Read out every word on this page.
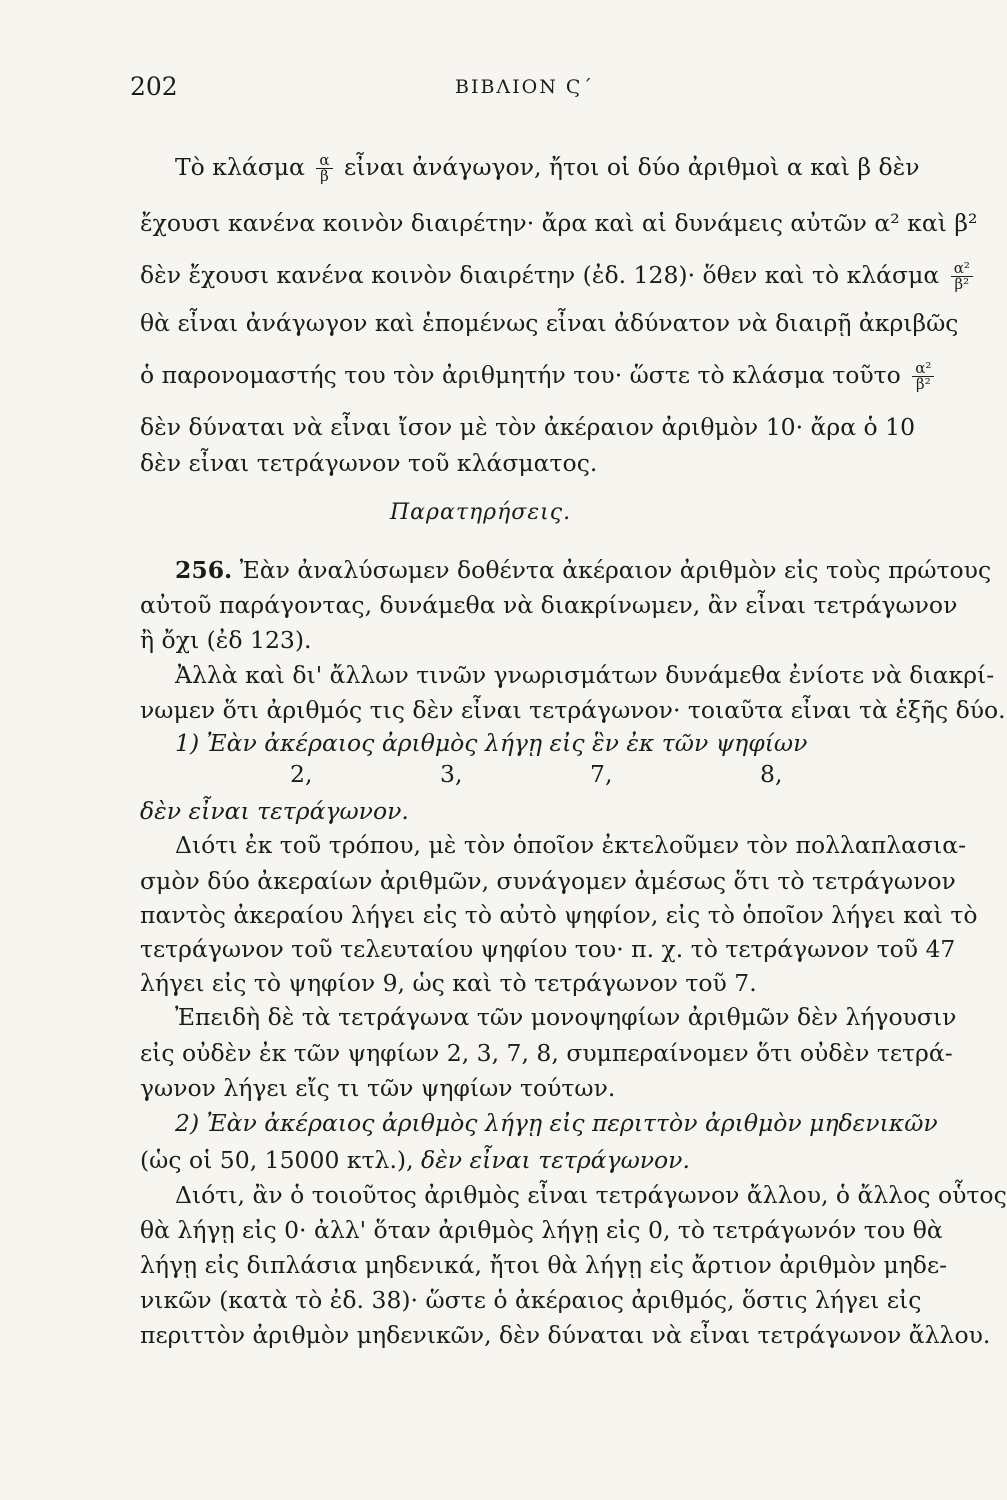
202	ΒΙΒΛΙΟΝ Ϛ΄
Τὸ κλάσμα $\frac{\alpha}{\beta}$ εἶναι ἀνάγωγον, ἤτοι οἱ δύο ἀριθμοὶ α καὶ β δὲν
ἔχουσι κανένα κοινὸν διαιρέτην· ἄρα καὶ αἱ δυνάμεις αὐτῶν α² καὶ β²
δὲν ἔχουσι κανένα κοινὸν διαιρέτην (ἐδ. 128)· ὅθεν καὶ τὸ κλάσμα $\frac{\text{α²}}{\text{β²}}$
θὰ εἶναι ἀνάγωγον καὶ ἑπομένως εἶναι ἀδύνατον νὰ διαιρῇ ἀκριβῶς
ὁ παρονομαστής του τὸν ἀριθμητήν του· ὥστε τὸ κλάσμα τοῦτο $\frac{\text{α²}}{\text{β²}}$
δὲν δύναται νὰ εἶναι ἴσον μὲ τὸν ἀκέραιον ἀριθμὸν 10· ἄρα ὁ 10
δὲν εἶναι τετράγωνον τοῦ κλάσματος.
Παρατηρήσεις.
256. Ἐὰν ἀναλύσωμεν δοθέντα ἀκέραιον ἀριθμὸν εἰς τοὺς πρώτους
αὐτοῦ παράγοντας, δυνάμεθα νὰ διακρίνωμεν, ἂν εἶναι τετράγωνον
ἢ ὄχι (ἐδ 123).
Ἀλλὰ καὶ δι' ἄλλων τινῶν γνωρισμάτων δυνάμεθα ἐνίοτε νὰ διακρί-
νωμεν ὅτι ἀριθμός τις δὲν εἶναι τετράγωνον· τοιαῦτα εἶναι τὰ ἑξῆς δύο.
1) Ἐὰν ἀκέραιος ἀριθμὸς λήγῃ εἰς ἓν ἐκ τῶν ψηφίων
2,	3,	7,	8,
δὲν εἶναι τετράγωνον.
Διότι ἐκ τοῦ τρόπου, μὲ τὸν ὁποῖον ἐκτελοῦμεν τὸν πολλαπλασια-
σμὸν δύο ἀκεραίων ἀριθμῶν, συνάγομεν ἀμέσως ὅτι τὸ τετράγωνον
παντὸς ἀκεραίου λήγει εἰς τὸ αὐτὸ ψηφίον, εἰς τὸ ὁποῖον λήγει καὶ τὸ
τετράγωνον τοῦ τελευταίου ψηφίου του· π. χ. τὸ τετράγωνον τοῦ 47
λήγει εἰς τὸ ψηφίον 9, ὡς καὶ τὸ τετράγωνον τοῦ 7.
Ἐπειδὴ δὲ τὰ τετράγωνα τῶν μονοψηφίων ἀριθμῶν δὲν λήγουσιν
εἰς οὐδὲν ἐκ τῶν ψηφίων 2, 3, 7, 8, συμπεραίνομεν ὅτι οὐδὲν τετρά-
γωνον λήγει εἴς τι τῶν ψηφίων τούτων.
2) Ἐὰν ἀκέραιος ἀριθμὸς λήγῃ εἰς περιττὸν ἀριθμὸν μηδενικῶν
(ὡς οἱ 50, 15000 κτλ.), δὲν εἶναι τετράγωνον.
Διότι, ἂν ὁ τοιοῦτος ἀριθμὸς εἶναι τετράγωνον ἄλλου, ὁ ἄλλος οὗτος
θὰ λήγῃ εἰς 0· ἀλλ' ὅταν ἀριθμὸς λήγῃ εἰς 0, τὸ τετράγωνόν του θὰ
λήγῃ εἰς διπλάσια μηδενικά, ἤτοι θὰ λήγῃ εἰς ἄρτιον ἀριθμὸν μηδε-
νικῶν (κατὰ τὸ ἐδ. 38)· ὥστε ὁ ἀκέραιος ἀριθμός, ὅστις λήγει εἰς
περιττὸν ἀριθμὸν μηδενικῶν, δὲν δύναται νὰ εἶναι τετράγωνον ἄλλου.
